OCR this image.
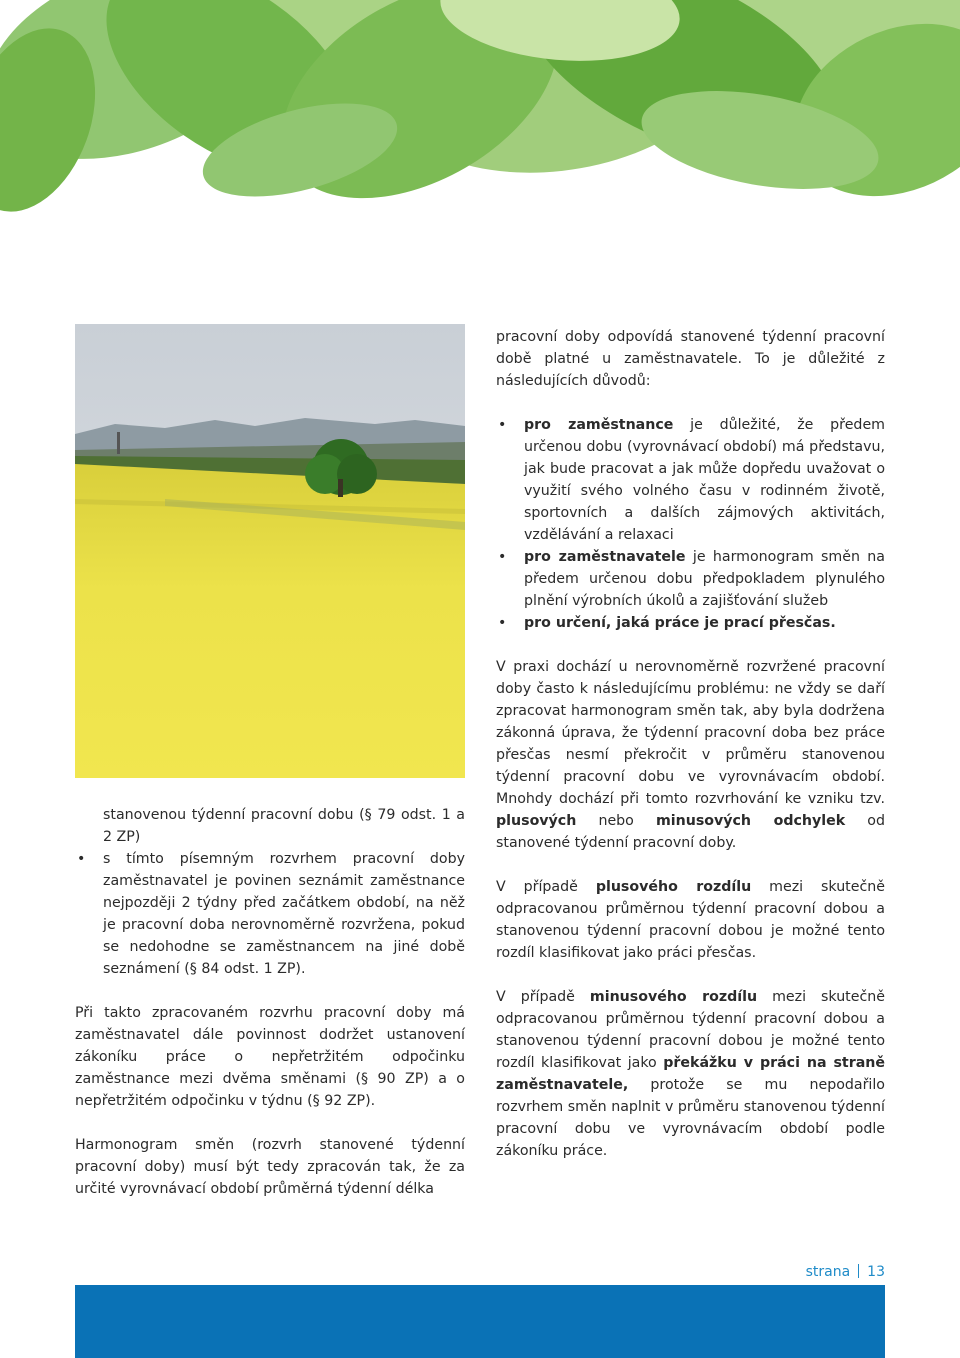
stanovenou týdenní pracovní dobu (§ 79 odst. 1 a 2 ZP)

• s tímto písemným rozvrhem pracovní doby zaměstnavatel je povinen seznámit zaměstnance nejpozději 2 týdny před začátkem období, na něž je pracovní doba nerovnoměrně rozvržena, pokud se nedohodne se zaměstnancem na jiné době seznámení (§ 84 odst. 1 ZP).

Při takto zpracovaném rozvrhu pracovní doby má zaměstnavatel dále povinnost dodržet ustanovení zákoníku práce o nepřetržitém odpočinku zaměstnance mezi dvěma směnami (§ 90 ZP) a o nepřetržitém odpočinku v týdnu (§ 92 ZP).

Harmonogram směn (rozvrh stanovené týdenní pracovní doby) musí být tedy zpracován tak, že za určité vyrovnávací období průměrná týdenní délka

pracovní doby odpovídá stanovené týdenní pracovní době platné u zaměstnavatele. To je důležité z následujících důvodů:

• pro zaměstnance je důležité, že předem určenou dobu (vyrovnávací období) má představu, jak bude pracovat a jak může dopředu uvažovat o využití svého volného času v rodinném životě, sportovních a dalších zájmových aktivitách, vzdělávání a relaxaci
• pro zaměstnavatele je harmonogram směn na předem určenou dobu předpokladem plynulého plnění výrobních úkolů a zajišťování služeb
• pro určení, jaká práce je prací přesčas.

V praxi dochází u nerovnoměrně rozvržené pracovní doby často k následujícímu problému: ne vždy se daří zpracovat harmonogram směn tak, aby byla dodržena zákonná úprava, že týdenní pracovní doba bez práce přesčas nesmí překročit v průměru stanovenou týdenní pracovní dobu ve vyrovnávacím období. Mnohdy dochází při tomto rozvrhování ke vzniku tzv. plusových nebo minusových odchylek od stanovené týdenní pracovní doby.

V případě plusového rozdílu mezi skutečně odpracovanou průměrnou týdenní pracovní dobou a stanovenou týdenní pracovní dobou je možné tento rozdíl klasifikovat jako práci přesčas.

V případě minusového rozdílu mezi skutečně odpracovanou průměrnou týdenní pracovní dobou a stanovenou týdenní pracovní dobou je možné tento rozdíl klasifikovat jako překážku v práci na straně zaměstnavatele, protože se mu nepodařilo rozvrhem směn naplnit v průměru stanovenou týdenní pracovní dobu ve vyrovnávacím období podle zákoníku práce.

strana 13
